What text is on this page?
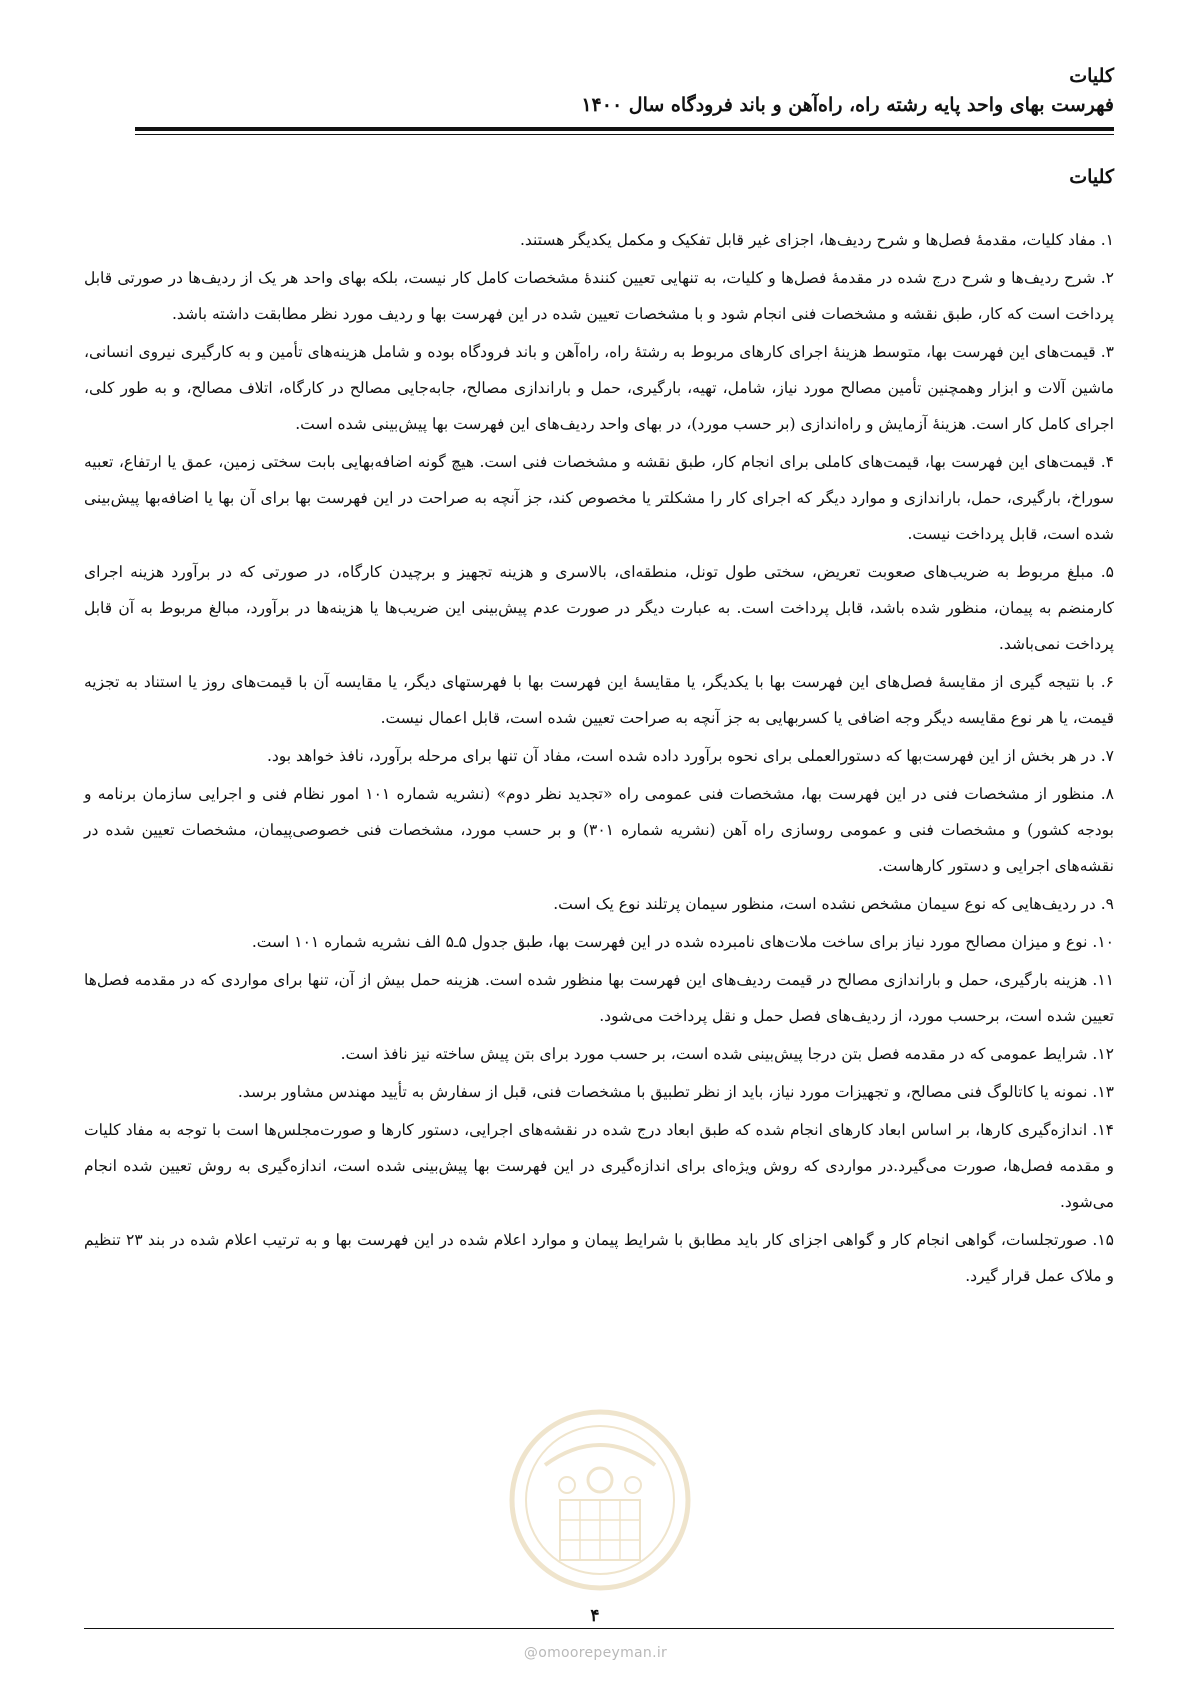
کلیات
فهرست بهای واحد پایه رشته راه، راه‌آهن و باند فرودگاه سال ۱۴۰۰
کلیات

۱. مفاد کلیات، مقدمهٔ فصل‌ها و شرح ردیف‌ها، اجزای غیر قابل تفکیک و مکمل یکدیگر هستند.

۲. شرح ردیف‌ها و شرح درج شده در مقدمهٔ فصل‌ها و کلیات، به تنهایی تعیین کنندهٔ مشخصات کامل کار نیست، بلکه بهای واحد هر یک از ردیف‌ها در صورتی قابل پرداخت است که کار، طبق نقشه و مشخصات فنی انجام شود و با مشخصات تعیین شده در این فهرست بها و ردیف مورد نظر مطابقت داشته باشد.

۳. قیمت‌های این فهرست بها، متوسط هزینهٔ اجرای کارهای مربوط به رشتهٔ راه، راه‌آهن و باند فرودگاه بوده و شامل هزینه‌های تأمین و به کارگیری نیروی انسانی، ماشین آلات و ابزار وهمچنین تأمین مصالح مورد نیاز، شامل، تهیه، بارگیری، حمل و باراندازی مصالح، جابه‌جایی مصالح در کارگاه، اتلاف مصالح، و به طور کلی، اجرای کامل کار است. هزینهٔ آزمایش و راه‌اندازی (بر حسب مورد)، در بهای واحد ردیف‌های این فهرست بها پیش‌بینی شده است.

۴. قیمت‌های این فهرست بها، قیمت‌های کاملی برای انجام کار، طبق نقشه و مشخصات فنی است. هیچ گونه اضافه‌بهایی بابت سختی زمین، عمق یا ارتفاع، تعبیه سوراخ، بارگیری، حمل، باراندازی و موارد دیگر که اجرای کار را مشکلتر یا مخصوص کند، جز آنچه به صراحت در این فهرست بها برای آن بها یا اضافه‌بها پیش‌بینی شده است، قابل پرداخت نیست.

۵. مبلغ مربوط به ضریب‌های صعوبت تعریض، سختی طول تونل، منطقه‌ای، بالاسری و هزینه تجهیز و برچیدن کارگاه، در صورتی که در برآورد هزینه اجرای کارمنضم به پیمان، منظور شده باشد، قابل پرداخت است. به عبارت دیگر در صورت عدم پیش‌بینی این ضریب‌ها یا هزینه‌ها در برآورد، مبالغ مربوط به آن قابل پرداخت نمی‌باشد.

۶. با نتیجه گیری از مقایسهٔ فصل‌های این فهرست بها با یکدیگر، یا مقایسهٔ این فهرست بها با فهرستهای دیگر، یا مقایسه آن با قیمت‌های روز یا استناد به تجزیه قیمت، یا هر نوع مقایسه دیگر وجه اضافی یا کسربهایی به جز آنچه به صراحت تعیین شده است، قابل اعمال نیست.

۷. در هر بخش از این فهرست‌بها که دستورالعملی برای نحوه برآورد داده شده است، مفاد آن تنها برای مرحله برآورد، نافذ خواهد بود.

۸. منظور از مشخصات فنی در این فهرست بها، مشخصات فنی عمومی راه «تجدید نظر دوم» (نشریه شماره ۱۰۱ امور نظام فنی و اجرایی سازمان برنامه و بودجه کشور) و مشخصات فنی و عمومی روسازی راه آهن (نشریه شماره ۳۰۱) و بر حسب مورد، مشخصات فنی خصوصی‌پیمان، مشخصات تعیین شده در نقشه‌های اجرایی و دستور کارهاست.

۹. در ردیف‌هایی که نوع سیمان مشخص نشده است، منظور سیمان پرتلند نوع یک است.

۱۰. نوع و میزان مصالح مورد نیاز برای ساخت ملات‌های نامبرده شده در این فهرست بها، طبق جدول ۵ـ۵ الف نشریه شماره ۱۰۱ است.

۱۱. هزینه بارگیری، حمل و باراندازی مصالح در قیمت ردیف‌های این فهرست بها منظور شده است. هزینه حمل بیش از آن، تنها برای مواردی که در مقدمه فصل‌ها تعیین شده است، برحسب مورد، از ردیف‌های فصل حمل و نقل پرداخت می‌شود.

۱۲. شرایط عمومی که در مقدمه فصل بتن درجا پیش‌بینی شده است، بر حسب مورد برای بتن پیش ساخته نیز نافذ است.

۱۳. نمونه یا کاتالوگ فنی مصالح، و تجهیزات مورد نیاز، باید از نظر تطبیق با مشخصات فنی، قبل از سفارش به تأیید مهندس مشاور برسد.

۱۴. اندازه‌گیری کارها، بر اساس ابعاد کارهای انجام شده که طبق ابعاد درج شده در نقشه‌های اجرایی، دستور کارها و صورت‌مجلس‌ها است با توجه به مفاد کلیات و مقدمه فصل‌ها، صورت می‌گیرد.در مواردی که روش ویژه‌ای برای اندازه‌گیری در این فهرست بها پیش‌بینی شده است، اندازه‌گیری به روش تعیین شده انجام می‌شود.

۱۵. صورتجلسات، گواهی انجام کار و گواهی اجزای کار باید مطابق با شرایط پیمان و موارد اعلام شده در این فهرست بها و به ترتیب اعلام شده در بند ۲۳ تنظیم و ملاک عمل قرار گیرد.

۴
@omoorepeyman.ir
